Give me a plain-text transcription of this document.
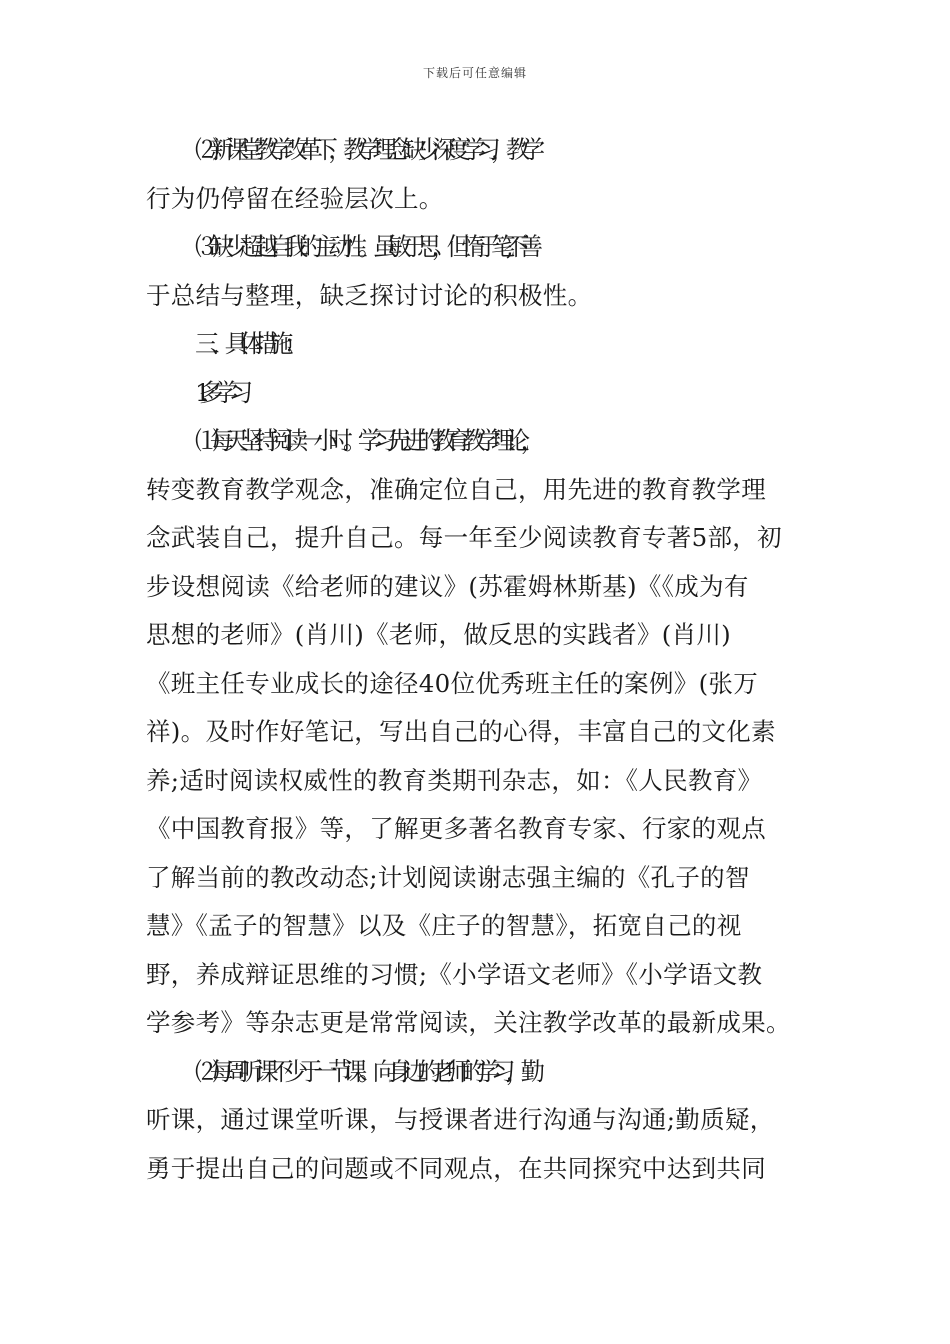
下载后可任意编辑

⑵新课堂教学改革下，教学理念缺少深度学习，教学
行为仍停留在经验层次上。

⑶缺少超越自我的主动性。虽敏于思，但惰于笔,不善
于总结与整理，缺乏探讨讨论的积极性。

三、具体措施：

1.多学习

⑴每天坚持阅读一小时。学习先进的教育教学理论，
转变教育教学观念，准确定位自己，用先进的教育教学理
念武装自己，提升自己。每一年至少阅读教育专著5部，初
步设想阅读《给老师的建议》(苏霍姆林斯基)《《成为有
思想的老师》(肖川)《老师，做反思的实践者》(肖川)
《班主任专业成长的途径40位优秀班主任的案例》(张万
祥)。及时作好笔记，写出自己的心得，丰富自己的文化素
养;适时阅读权威性的教育类期刊杂志，如：《人民教育》
《中国教育报》等，了解更多著名教育专家、行家的观点
了解当前的教改动态;计划阅读谢志强主编的《孔子的智
慧》《孟子的智慧》以及《庄子的智慧》，拓宽自己的视
野，养成辩证思维的习惯;《小学语文老师》《小学语文教
学参考》等杂志更是常常阅读，关注教学改革的最新成果。

⑵每周听课不少于一节课。向身边的老师的学习，勤
听课，通过课堂听课，与授课者进行沟通与沟通;勤质疑，
勇于提出自己的问题或不同观点，在共同探究中达到共同
